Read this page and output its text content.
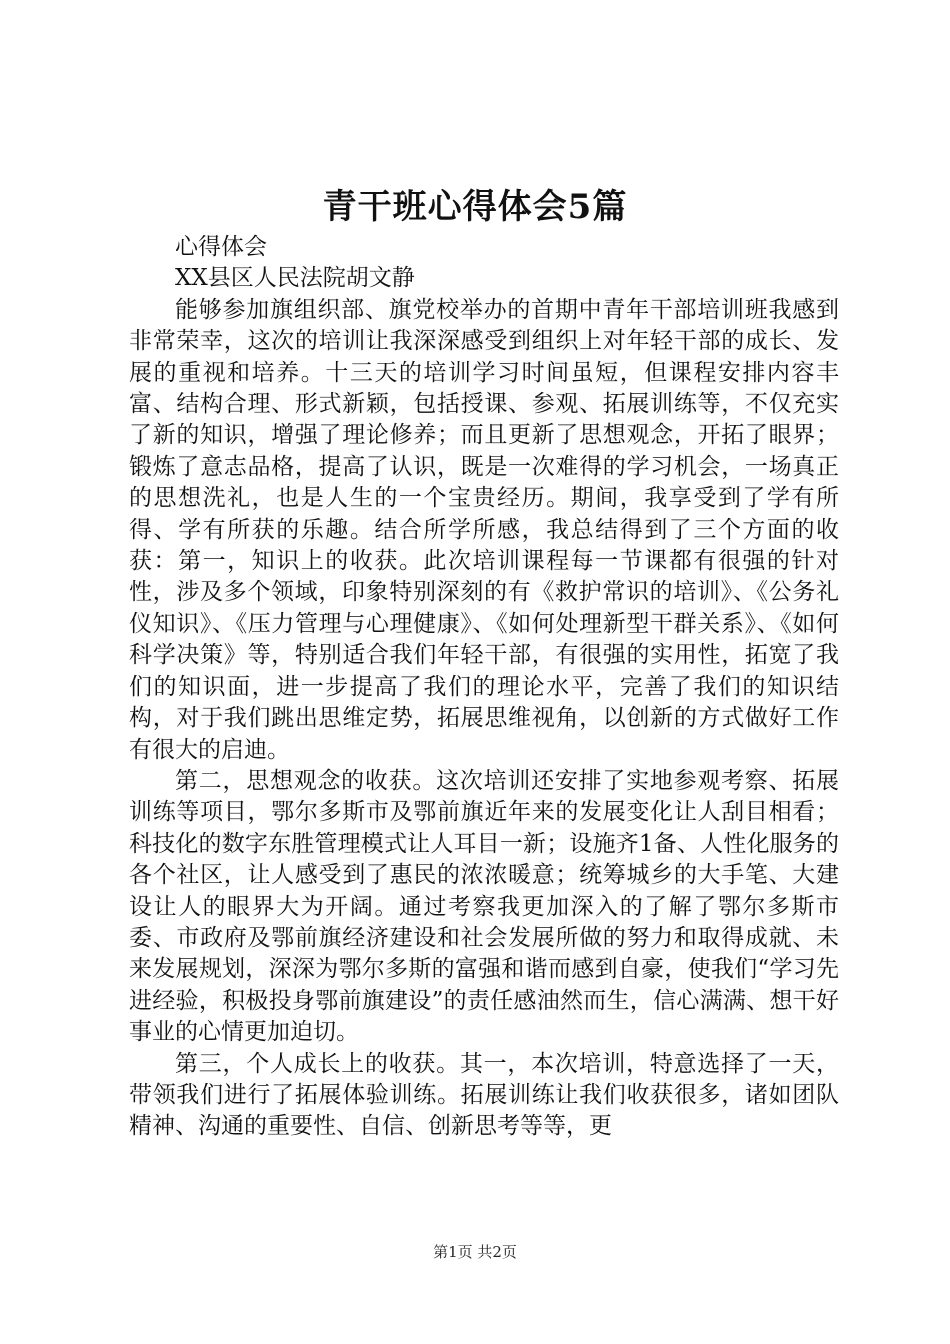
青干班心得体会5篇

心得体会

XX县区人民法院胡文静

能够参加旗组织部、旗党校举办的首期中青年干部培训班我感到非常荣幸，这次的培训让我深深感受到组织上对年轻干部的成长、发展的重视和培养。十三天的培训学习时间虽短，但课程安排内容丰富、结构合理、形式新颖，包括授课、参观、拓展训练等，不仅充实了新的知识，增强了理论修养；而且更新了思想观念，开拓了眼界；锻炼了意志品格，提高了认识，既是一次难得的学习机会，一场真正的思想洗礼，也是人生的一个宝贵经历。期间，我享受到了学有所得、学有所获的乐趣。结合所学所感，我总结得到了三个方面的收获：第一，知识上的收获。此次培训课程每一节课都有很强的针对性，涉及多个领域，印象特别深刻的有《救护常识的培训》、《公务礼仪知识》、《压力管理与心理健康》、《如何处理新型干群关系》、《如何科学决策》等，特别适合我们年轻干部，有很强的实用性，拓宽了我们的知识面，进一步提高了我们的理论水平，完善了我们的知识结构，对于我们跳出思维定势，拓展思维视角，以创新的方式做好工作有很大的启迪。

第二，思想观念的收获。这次培训还安排了实地参观考察、拓展训练等项目，鄂尔多斯市及鄂前旗近年来的发展变化让人刮目相看；科技化的数字东胜管理模式让人耳目一新；设施齐1备、人性化服务的各个社区，让人感受到了惠民的浓浓暖意；统筹城乡的大手笔、大建设让人的眼界大为开阔。通过考察我更加深入的了解了鄂尔多斯市委、市政府及鄂前旗经济建设和社会发展所做的努力和取得成就、未来发展规划，深深为鄂尔多斯的富强和谐而感到自豪，使我们“学习先进经验，积极投身鄂前旗建设”的责任感油然而生，信心满满、想干好事业的心情更加迫切。

第三，个人成长上的收获。其一，本次培训，特意选择了一天，带领我们进行了拓展体验训练。拓展训练让我们收获很多，诸如团队精神、沟通的重要性、自信、创新思考等等，更

第1页 共2页
